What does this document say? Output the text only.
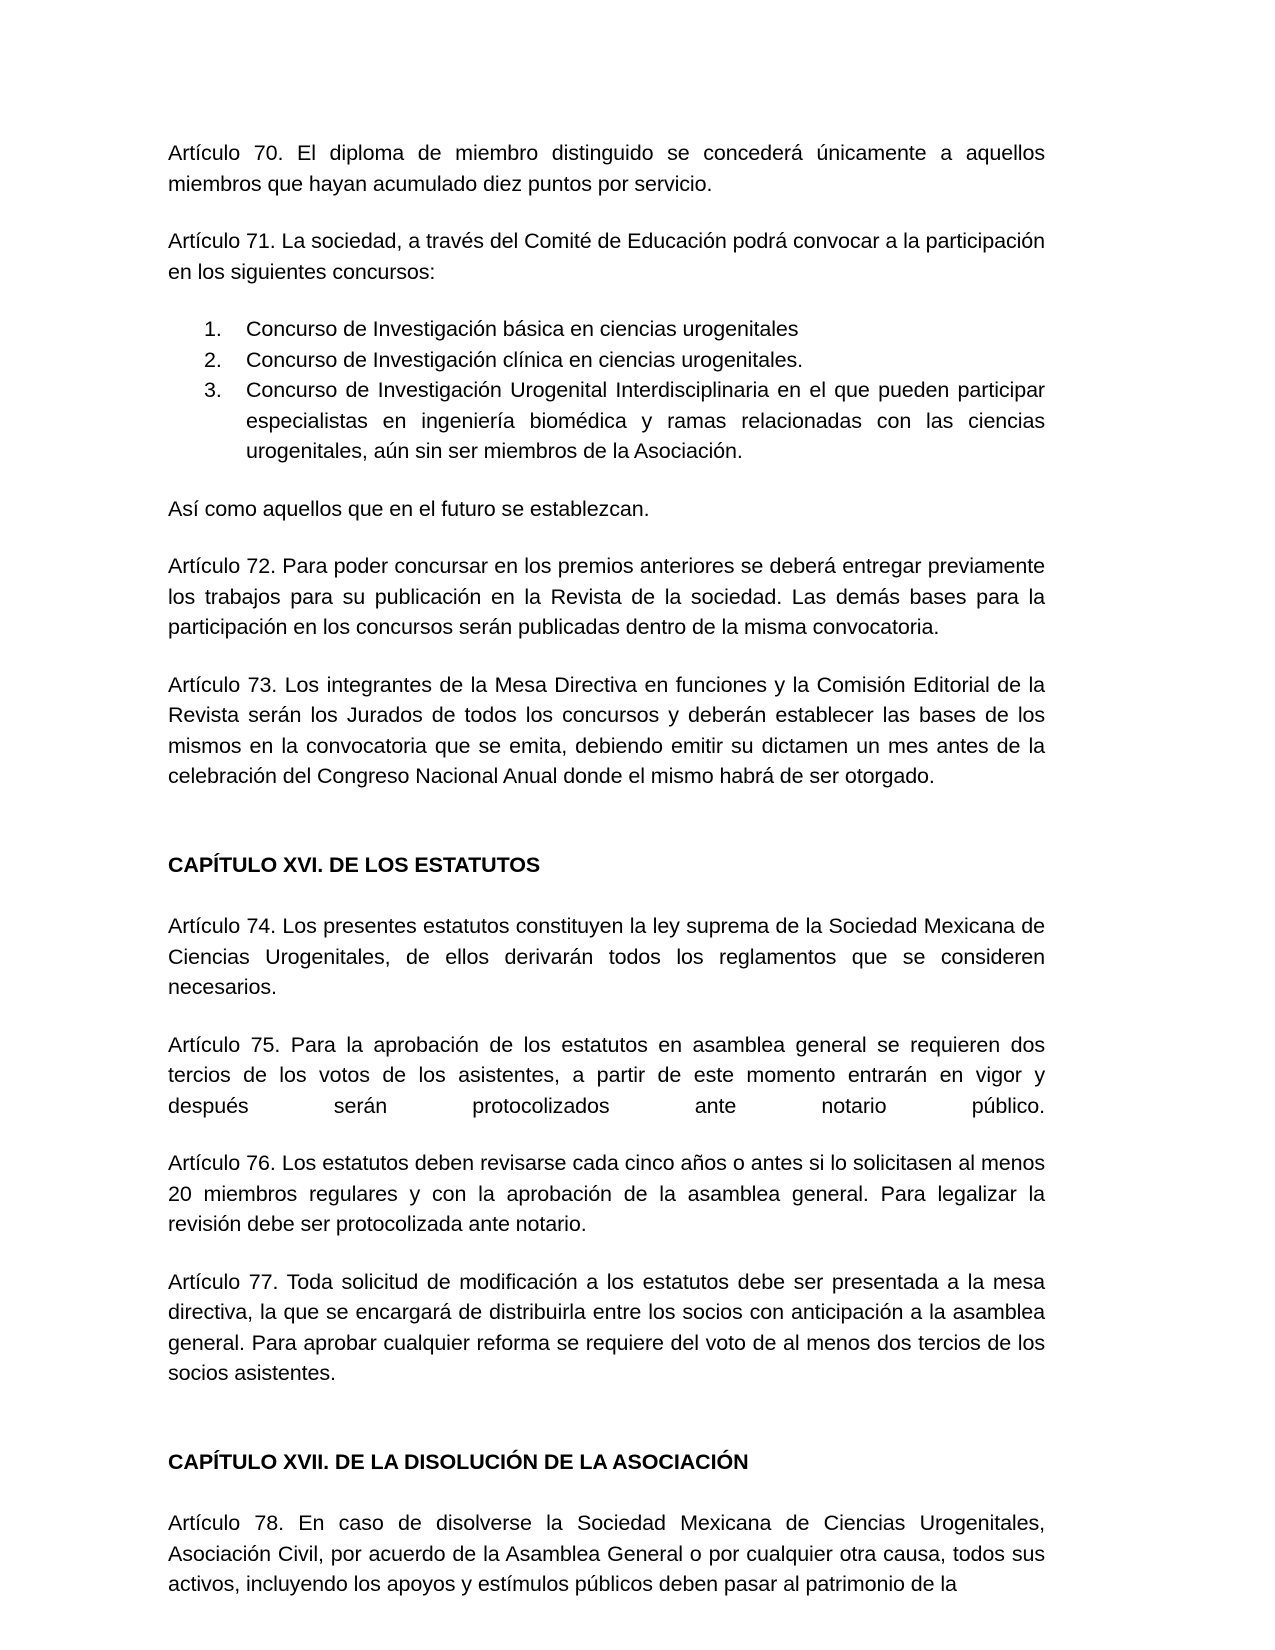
Artículo 70. El diploma de miembro distinguido se concederá únicamente a aquellos miembros que hayan acumulado diez puntos por servicio.

Artículo 71. La sociedad, a través del Comité de Educación podrá convocar a la participación en los siguientes concursos:

Concurso de Investigación básica en ciencias urogenitales
Concurso de Investigación clínica en ciencias urogenitales.
Concurso de Investigación Urogenital Interdisciplinaria en el que pueden participar especialistas en ingeniería biomédica y ramas relacionadas con las ciencias urogenitales, aún sin ser miembros de la Asociación.

Así como aquellos que en el futuro se establezcan.

Artículo 72. Para poder concursar en los premios anteriores se deberá entregar previamente los trabajos para su publicación en la Revista de la sociedad. Las demás bases para la participación en los concursos serán publicadas dentro de la misma convocatoria.

Artículo 73. Los integrantes de la Mesa Directiva en funciones y la Comisión Editorial de la Revista serán los Jurados de todos los concursos y deberán establecer las bases de los mismos en la convocatoria que se emita, debiendo emitir su dictamen un mes antes de la celebración del Congreso Nacional Anual donde el mismo habrá de ser otorgado.

CAPÍTULO XVI. DE LOS ESTATUTOS

Artículo 74. Los presentes estatutos constituyen la ley suprema de la Sociedad Mexicana de Ciencias Urogenitales, de ellos derivarán todos los reglamentos que se consideren necesarios.

Artículo 75. Para la aprobación de los estatutos en asamblea general se requieren dos tercios de los votos de los asistentes, a partir de este momento entrarán en vigor y
después serán protocolizados ante notario público.

Artículo 76. Los estatutos deben revisarse cada cinco años o antes si lo solicitasen al menos 20 miembros regulares y con la aprobación de la asamblea general. Para legalizar la revisión debe ser protocolizada ante notario.

Artículo 77. Toda solicitud de modificación a los estatutos debe ser presentada a la mesa directiva, la que se encargará de distribuirla entre los socios con anticipación a la asamblea general. Para aprobar cualquier reforma se requiere del voto de al menos dos tercios de los socios asistentes.

CAPÍTULO XVII. DE LA DISOLUCIÓN DE LA ASOCIACIÓN

Artículo 78. En caso de disolverse la Sociedad Mexicana de Ciencias Urogenitales, Asociación Civil, por acuerdo de la Asamblea General o por cualquier otra causa, todos sus activos, incluyendo los apoyos y estímulos públicos deben pasar al patrimonio de la
